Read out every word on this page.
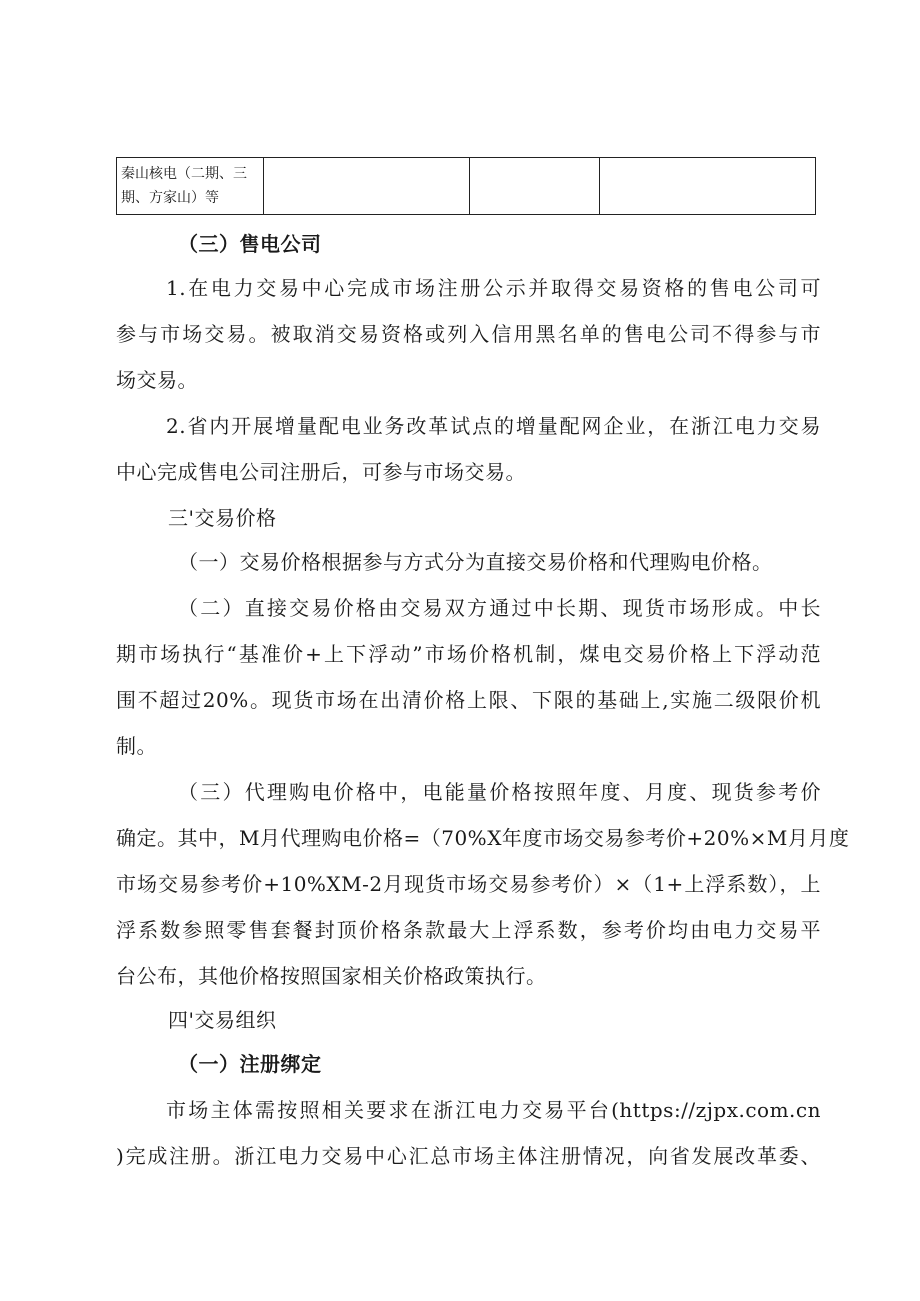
秦山核电（二期、三期、方家山）等			
（三）售电公司
1.在电力交易中心完成市场注册公示并取得交易资格的售电公司可
参与市场交易。被取消交易资格或列入信用黑名单的售电公司不得参与市
场交易。
2.省内开展增量配电业务改革试点的增量配网企业，在浙江电力交易
中心完成售电公司注册后，可参与市场交易。
三'交易价格
（一）交易价格根据参与方式分为直接交易价格和代理购电价格。
（二）直接交易价格由交易双方通过中长期、现货市场形成。中长
期市场执行“基准价+上下浮动”市场价格机制，煤电交易价格上下浮动范
围不超过20%。现货市场在出清价格上限、下限的基础上,实施二级限价机
制。
（三）代理购电价格中，电能量价格按照年度、月度、现货参考价
确定。其中，M月代理购电价格=（70%X年度市场交易参考价+20%×M月月度
市场交易参考价+10%XM-2月现货市场交易参考价）×（1+上浮系数），上
浮系数参照零售套餐封顶价格条款最大上浮系数，参考价均由电力交易平
台公布，其他价格按照国家相关价格政策执行。
四'交易组织
（一）注册绑定
市场主体需按照相关要求在浙江电力交易平台(https://zjpx.com.cn
)完成注册。浙江电力交易中心汇总市场主体注册情况，向省发展改革委、
